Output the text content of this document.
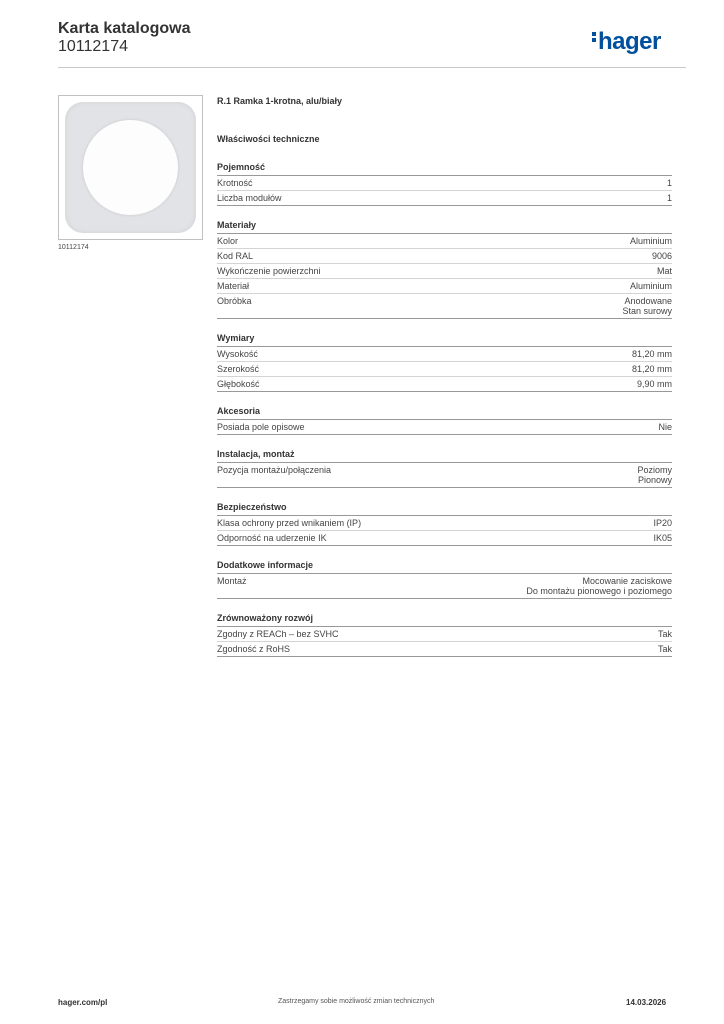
Karta katalogowa
10112174	hager
10112174
R.1 Ramka 1-krotna, alu/biały
Właściwości techniczne
Pojemność
Krotność	1
Liczba modułów	1
Materiały
Kolor	Aluminium
Kod RAL	9006
Wykończenie powierzchni	Mat
Materiał	Aluminium
Obróbka	Anodowane
Stan surowy
Wymiary
Wysokość	81,20 mm
Szerokość	81,20 mm
Głębokość	9,90 mm
Akcesoria
Posiada pole opisowe	Nie
Instalacja, montaż
Pozycja montażu/połączenia	Poziomy
Pionowy
Bezpieczeństwo
Klasa ochrony przed wnikaniem (IP)	IP20
Odporność na uderzenie IK	IK05
Dodatkowe informacje
Montaż	Mocowanie zaciskowe
Do montażu pionowego i poziomego
Zrównoważony rozwój
Zgodny z REACh – bez SVHC	Tak
Zgodność z RoHS	Tak
hager.com/pl	Zastrzegamy sobie możliwość zmian technicznych	14.03.2026
